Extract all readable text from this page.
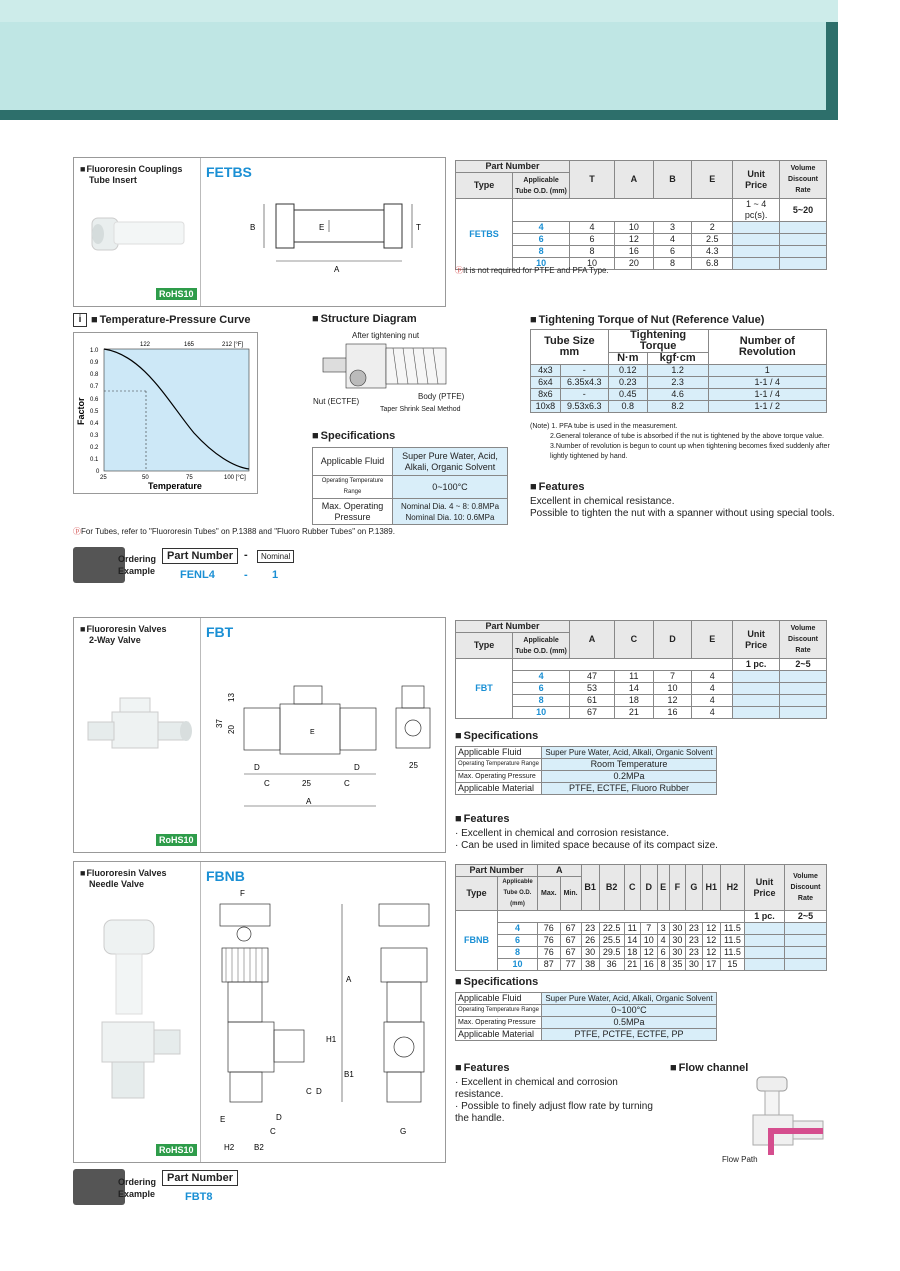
■ Fluororesin Couplings
Tube Insert	FETBS
RoHS10
B
A
E	T
Part Number		T	A	B	E	Unit Price	Volume Discount Rate
Type	Applicable Tube O.D. (mm)						
FETBS						1 ~ 4 pc(s).	5~20
	4	4	10	3	2		
	6	6	12	4	2.5		
	8	8	16	6	4.3		
	10	10	20	8	6.8		
ⓟIt is not required for PTFE and PFA Type.
i	■ Temperature-Pressure Curve
1.0
0.9
0.8
0.7
0.6
0.5
0.4
0.3
0.2
0.1
0
25	50	75	100 [°C]
122	165	212 [°F]
Temperature
Factor
■ Structure Diagram
After tightening nut
Nut (ECTFE)
Body (PTFE)
Taper Shrink Seal Method
■ Specifications
Applicable Fluid	Super Pure Water, Acid, Alkali, Organic Solvent
Operating Temperature Range	0~100°C
Max. Operating Pressure	Nominal Dia. 4 ~ 8: 0.8MPa Nominal Dia. 10: 0.6MPa
■ Tightening Torque of Nut (Reference Value)
Tube Size mm		Tightening Torque		Number of Revolution
		N·m	kgf·cm	
4x3	-	0.12	1.2	1
6x4	6.35x4.3	0.23	2.3	1-1 / 4
8x6	-	0.45	4.6	1-1 / 4
10x8	9.53x6.3	0.8	8.2	1-1 / 2
(Note) 1. PFA tube is used in the measurement.
2.General tolerance of tube is absorbed if the nut is tightened by the above torque value.
3.Number of revolution is begun to count up when tightening becomes fixed suddenly after lightly tightened by hand.
■ Features
Excellent in chemical resistance.
Possible to tighten the nut with a spanner without using special tools.
ⓟFor Tubes, refer to "Fluororesin Tubes" on P.1388 and "Fluoro Rubber Tubes" on P.1389.
Ordering
Example
Part Number -	Nominal
FENL4	- 1
■ Fluororesin Valves
2-Way Valve	FBT
RoHS10
A
D
C	25
D
C
25
37
13
20	E
Part Number		A	C	D	E	Unit Price	Volume Discount Rate
Type	Applicable Tube O.D. (mm)						
FBT						1 pc.	2~5
	4	47	11	7	4		
	6	53	14	10	4		
	8	61	18	12	4		
	10	67	21	16	4		
■ Specifications
Applicable Fluid	Super Pure Water, Acid, Alkali, Organic Solvent
Operating Temperature Range	Room Temperature
Max. Operating Pressure	0.2MPa
Applicable Material	PTFE, ECTFE, Fluoro Rubber
■ Features
· Excellent in chemical and corrosion resistance.
· Can be used in limited space because of its compact size.
■ Fluororesin Valves
Needle Valve	FBNB
RoHS10
F
A
H1
B1
C D
E	D
C
H2 B2
G
Part Number		A		B1	B2	C	D	E	F	G	H1	H2	Unit Price	Volume Discount Rate
Type	Applicable Tube O.D. (mm)	Max.	Min.											
FBNB													1 pc.	2~5
	4	76	67	23	22.5	11	7	3	30	23	12	11.5		
	6	76	67	26	25.5	14	10	4	30	23	12	11.5		
	8	76	67	30	29.5	18	12	6	30	23	12	11.5		
	10	87	77	38	36	21	16	8	35	30	17	15		
■ Specifications
Applicable Fluid	Super Pure Water, Acid, Alkali, Organic Solvent
Operating Temperature Range	0~100°C
Max. Operating Pressure	0.5MPa
Applicable Material	PTFE, PCTFE, ECTFE, PP
■ Features
· Excellent in chemical and corrosion resistance.
· Possible to finely adjust flow rate by turning the handle.
■ Flow channel
Flow Path
Ordering
Example
Part Number
FBT8
